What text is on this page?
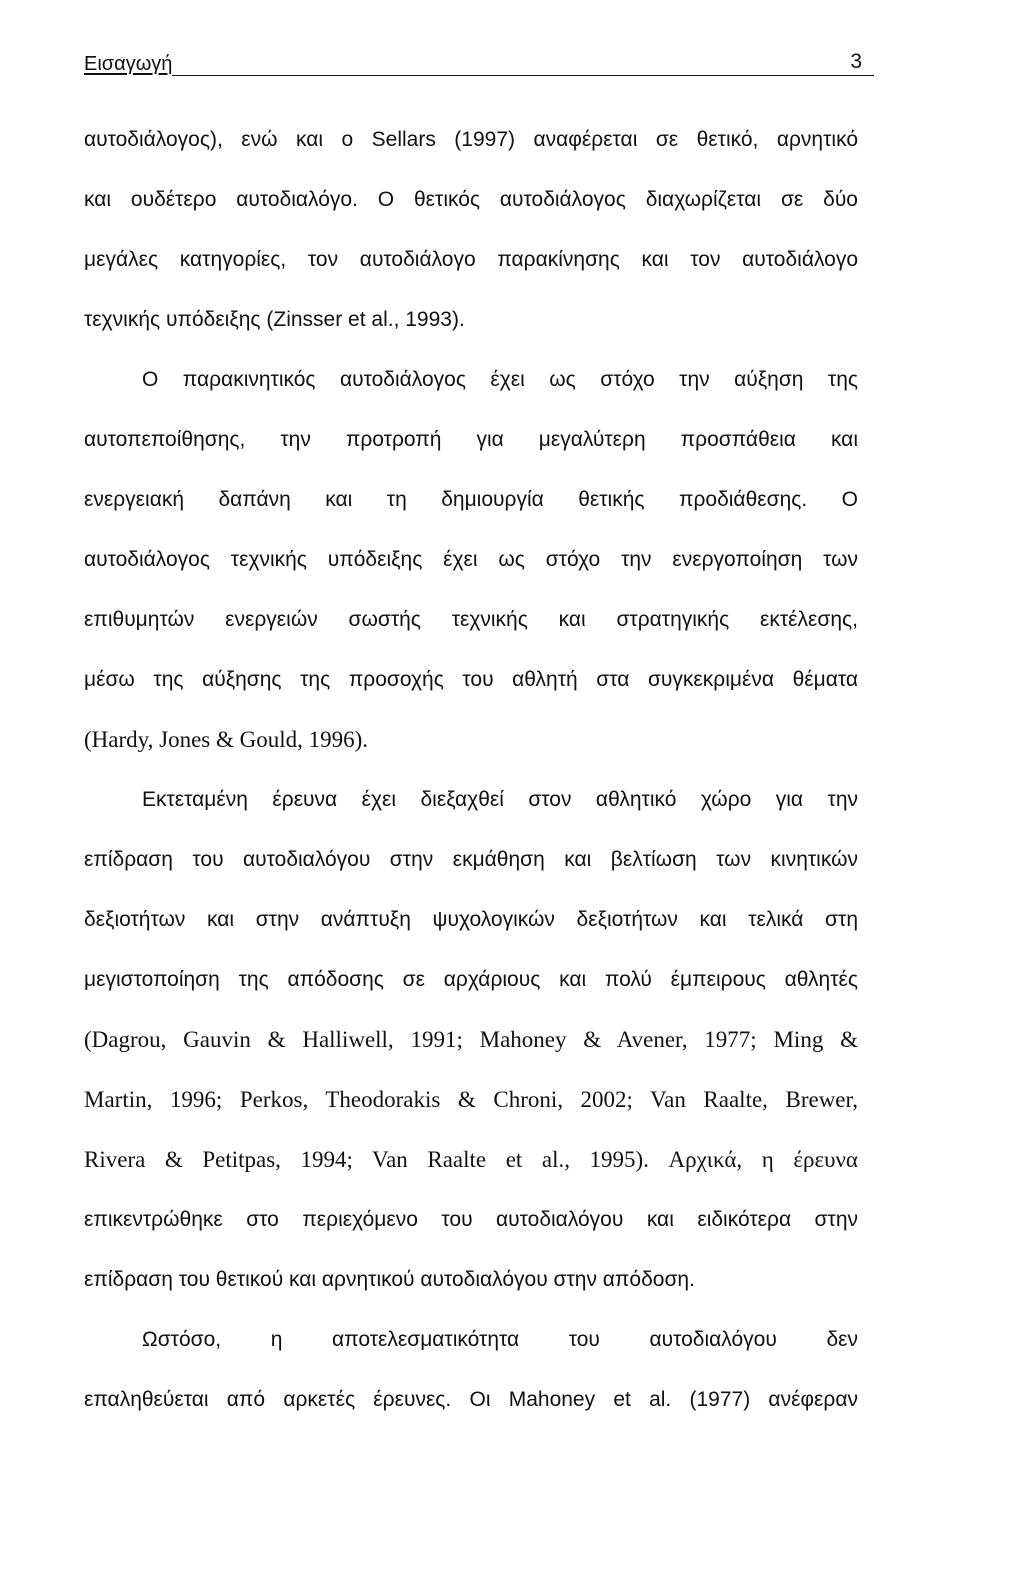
Εισαγωγή	3
αυτοδιάλογος), ενώ και ο Sellars (1997) αναφέρεται σε θετικό, αρνητικό
και ουδέτερο αυτοδιαλόγο. Ο θετικός αυτοδιάλογος διαχωρίζεται σε δύο
μεγάλες κατηγορίες, τον αυτοδιάλογο παρακίνησης και τον αυτοδιάλογο
τεχνικής υπόδειξης (Zinsser et al., 1993).
Ο παρακινητικός αυτοδιάλογος έχει ως στόχο την αύξηση της
αυτοπεποίθησης, την προτροπή για μεγαλύτερη προσπάθεια και
ενεργειακή δαπάνη και τη δημιουργία θετικής προδιάθεσης. Ο
αυτοδιάλογος τεχνικής υπόδειξης έχει ως στόχο την ενεργοποίηση των
επιθυμητών ενεργειών σωστής τεχνικής και στρατηγικής εκτέλεσης,
μέσω της αύξησης της προσοχής του αθλητή στα συγκεκριμένα θέματα
(Hardy, Jones & Gould, 1996).
Εκτεταμένη έρευνα έχει διεξαχθεί στον αθλητικό χώρο για την
επίδραση του αυτοδιαλόγου στην εκμάθηση και βελτίωση των κινητικών
δεξιοτήτων και στην ανάπτυξη ψυχολογικών δεξιοτήτων και τελικά στη
μεγιστοποίηση της απόδοσης σε αρχάριους και πολύ έμπειρους αθλητές
(Dagrou, Gauvin & Halliwell, 1991; Mahoney & Avener, 1977; Ming &
Martin, 1996; Perkos, Theodorakis & Chroni, 2002; Van Raalte, Brewer,
Rivera & Petitpas, 1994; Van Raalte et al., 1995). Αρχικά, η έρευνα
επικεντρώθηκε στο περιεχόμενο του αυτοδιαλόγου και ειδικότερα στην
επίδραση του θετικού και αρνητικού αυτοδιαλόγου στην απόδοση.
Ωστόσο, η αποτελεσματικότητα του αυτοδιαλόγου δεν
επαληθεύεται από αρκετές έρευνες. Οι Mahoney et al. (1977) ανέφεραν
